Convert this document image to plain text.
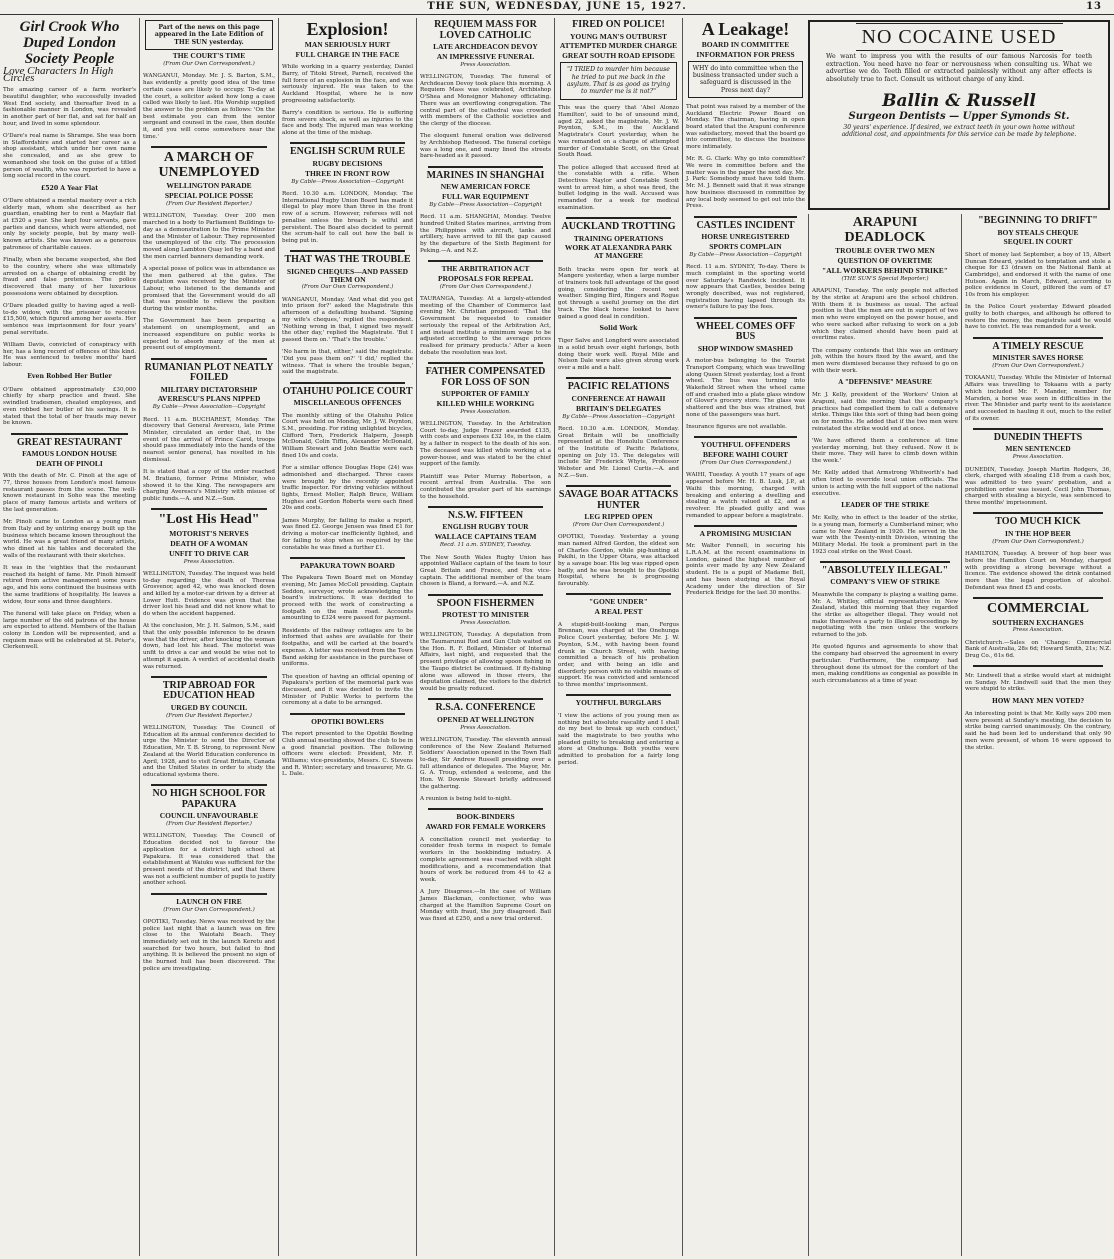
THE SUN, WEDNESDAY, JUNE 15, 1927.	13
Girl Crook Who Duped London Society People
Love Characters In High Circles

The amazing career of a farm worker's beautiful daughter, who successfully invaded West End society, and thereafter lived in a fashionable manner in London, was revealed in another part of her flat, and sat for half an hour, and lived in some splendour.

O'Dare's real name is Shrampe. She was born in Staffordshire and started her career as a shop assistant, which under her own name she concealed, and as she grew to womanhood she took on the guise of a titled person of wealth, who was reported to have a long social record in the court.

£520 A Year Flat

O'Dare obtained a mental mastery over a rich elderly man, whom she described as her guardian, enabling her to rent a Mayfair flat at £520 a year. She kept four servants, gave parties and dances, which were attended, not only by society people, but by many well-known artists. She was known as a generous patroness of charitable causes.

Finally, when she became suspected, she fled to the country, where she was ultimately arrested on a charge of obtaining credit by fraud and false pretences. The police discovered that many of her luxurious possessions were obtained by deception.

O'Dare pleaded guilty to having aged a well-to-do widow, with the prisoner to receive £15,500, which figured among her assets. Her sentence was imprisonment for four years' penal servitude.

William Davis, convicted of conspiracy with her, has a long record of offences of this kind. He was sentenced to twelve months' hard labour.

Even Robbed Her Butler

O'Dare obtained approximately £30,000 chiefly by sharp practice and fraud. She swindled tradesmen, cheated employees, and even robbed her butler of his savings. It is stated that the total of her frauds may never be known.

GREAT RESTAURANT
FAMOUS LONDON HOUSE
DEATH OF PINOLI

With the death of Mr. C. Pinoli at the age of 77, three houses from London's most famous restaurant passes from the scene. The well-known restaurant in Soho was the meeting place of many famous artists and writers of the last generation.

Mr. Pinoli came to London as a young man from Italy and by untiring energy built up the business which became known throughout the world. He was a great friend of many artists, who dined at his tables and decorated the walls of the restaurant with their sketches.

It was in the 'eighties that the restaurant reached its height of fame. Mr. Pinoli himself retired from active management some years ago, and his sons continued the business with the same traditions of hospitality. He leaves a widow, four sons and three daughters.

The funeral will take place on Friday, when a large number of the old patrons of the house are expected to attend. Members of the Italian colony in London will be represented, and a requiem mass will be celebrated at St. Peter's, Clerkenwell.

Part of the news on this page appeared in the Late Edition of THE SUN yesterday.
THE COURT'S TIME
(From Our Own Correspondent.)

WANGANUI, Monday. Mr. J. S. Barton, S.M., has evidently a pretty good idea of the time certain cases are likely to occupy. To-day at the court, a solicitor asked how long a case called was likely to last. His Worship supplied the answer to the problem as follows: 'On the best estimate you can from the senior sergeant and counsel in the case, then double it, and you will come somewhere near the time.'

A MARCH OF UNEMPLOYED
WELLINGTON PARADE
SPECIAL POLICE POSSE
(From Our Resident Reporter.)

WELLINGTON, Tuesday. Over 200 men marched in a body to Parliament Buildings to-day as a demonstration to the Prime Minister and the Minister of Labour. They represented the unemployed of the city. The procession moved along Lambton Quay led by a band and the men carried banners demanding work.

A special posse of police was in attendance as the men gathered at the gates. The deputation was received by the Minister of Labour, who listened to the demands and promised that the Government would do all that was possible to relieve the position during the winter months.

The Government has been preparing a statement on unemployment, and an increased expenditure on public works is expected to absorb many of the men at present out of employment.

RUMANIAN PLOT NEATLY FOILED
MILITARY DICTATORSHIP
AVERESCU'S PLANS NIPPED
By Cable—Press Association—Copyright

Recd. 11 a.m. BUCHAREST, Monday. The discovery that General Averescu, late Prime Minister, circulated an order that, in the event of the arrival of Prince Carol, troops should pass immediately into the hands of the nearest senior general, has resulted in his dismissal.

It is stated that a copy of the order reached M. Bratiano, former Prime Minister, who showed it to the King. The newspapers are charging Averescu's Ministry with misuse of public funds.—A. and N.Z.—Sun.

"Lost His Head"
MOTORIST'S NERVES
DEATH OF A WOMAN
UNFIT TO DRIVE CAR
Press Association.

WELLINGTON, Tuesday. The inquest was held to-day regarding the death of Theresa Grosvenor, aged 42, who was knocked down and killed by a motor-car driven by a driver at Lower Hutt. Evidence was given that the driver lost his head and did not know what to do when the accident happened.

At the conclusion, Mr. J. H. Salmon, S.M., said that the only possible inference to be drawn was that the driver, after knocking the woman down, had lost his head. The motorist was unfit to drive a car and would be wise not to attempt it again. A verdict of accidental death was returned.

TRIP ABROAD FOR EDUCATION HEAD
URGED BY COUNCIL
(From Our Resident Reporter.)

WELLINGTON, Tuesday. The Council of Education at its annual conference decided to urge the Minister to send the Director of Education, Mr. T. B. Strong, to represent New Zealand at the World Education conference in April, 1928, and to visit Great Britain, Canada and the United States in order to study the educational systems there.

NO HIGH SCHOOL FOR PAPAKURA
COUNCIL UNFAVOURABLE
(From Our Resident Reporter.)

WELLINGTON, Tuesday. The Council of Education decided not to favour the application for a district high school at Papakura. It was considered that the establishment at Waiuku was sufficient for the present needs of the district, and that there was not a sufficient number of pupils to justify another school.

LAUNCH ON FIRE
(From Our Own Correspondent.)

OPOTIKI, Tuesday. News was received by the police last night that a launch was on fire close to the Waiotahi Beach. They immediately set out in the launch Keretu and searched for two hours, but failed to find anything. It is believed the present no sign of the burned hull has been discovered. The police are investigating.

Explosion!
MAN SERIOUSLY HURT
FULL CHARGE IN THE FACE

While working in a quarry yesterday, Daniel Barry, of Titoki Street, Parnell, received the full force of an explosion in the face, and was seriously injured. He was taken to the Auckland Hospital, where he is now progressing satisfactorily.

Barry's condition is serious. He is suffering from severe shock, as well as injuries to the face and body. The injured man was working alone at the time of the mishap.

ENGLISH SCRUM RULE
RUGBY DECISIONS
THREE IN FRONT ROW
By Cable—Press Association—Copyright

Recd. 10.30 a.m. LONDON, Monday. The International Rugby Union Board has made it illegal to play more than three in the front row of a scrum. However, referees will not penalise unless the breach is wilful and persistent. The Board also decided to permit the scrum-half to call out how the ball is being put in.

THAT WAS THE TROUBLE
SIGNED CHEQUES—AND PASSED THEM ON
(From Our Own Correspondent.)

WANGANUI, Monday. 'And what did you get into prison for?' asked the Magistrate this afternoon of a defaulting husband. 'Signing my wife's cheques,' replied the respondent. 'Nothing wrong in that, I signed two myself the other day,' replied the Magistrate. 'But I passed them on.' 'That's the trouble.'

'No harm in that, either,' said the magistrate. 'Did you pass them on?' 'I did,' replied the witness. 'That is where the trouble began,' said the magistrate.

OTAHUHU POLICE COURT
MISCELLANEOUS OFFENCES

The monthly sitting of the Otahuhu Police Court was held on Monday, Mr. J. W. Poynton, S.M., presiding. For riding unlighted bicycles, Clifford Torn, Frederick Halpern, Joseph McDonald, Colin Tiffin, Alexander McDonald, William Stewart and John Beattie were each fined 10s and costs.

For a similar offence Douglas Hope (24) was admonished and discharged. Three cases were brought by the recently appointed traffic inspector. For driving vehicles without lights, Ernest Moller, Ralph Bruce, William Hughes and Gordon Roberts were each fined 20s and costs.

James Murphy, for failing to make a report, was fined £2. George Jensen was fined £1 for driving a motor-car inefficiently lighted, and for failing to stop when so required by the constable he was fined a further £1.

PAPAKURA TOWN BOARD

The Papakura Town Board met on Monday evening, Mr. James McColl presiding. Captain Seddon, surveyor, wrote acknowledging the board's instructions. It was decided to proceed with the work of constructing a footpath on the main road. Accounts amounting to £324 were passed for payment.

Residents of the railway cottages are to be informed that ashes are available for their footpaths, and will be carted at the board's expense. A letter was received from the Town Band asking for assistance in the purchase of uniforms.

The question of having an official opening of Papakura's portion of the memorial park was discussed, and it was decided to invite the Minister of Public Works to perform the ceremony at a date to be arranged.

OPOTIKI BOWLERS

The report presented to the Opotiki Bowling Club annual meeting showed the club to be in a good financial position. The following officers were elected: President, Mr. F. Williams; vice-presidents, Messrs. C. Stevens and R. Winter; secretary and treasurer, Mr. G. L. Dale.

REQUIEM MASS FOR LOVED CATHOLIC
LATE ARCHDEACON DEVOY
AN IMPRESSIVE FUNERAL
Press Association.

WELLINGTON, Tuesday. The funeral of Archdeacon Devoy took place this morning. A Requiem Mass was celebrated, Archbishop O'Shea and Monsignor Mahoney officiating. There was an overflowing congregation. The central part of the cathedral was crowded with members of the Catholic societies and the clergy of the diocese.

The eloquent funeral oration was delivered by Archbishop Redwood. The funeral cortège was a long one, and many lined the streets bare-headed as it passed.

MARINES IN SHANGHAI
NEW AMERICAN FORCE
FULL WAR EQUIPMENT
By Cable—Press Association—Copyright

Recd. 11 a.m. SHANGHAI, Monday. Twelve hundred United States marines, arriving from the Philippines with aircraft, tanks and artillery, have arrived to fill the gap caused by the departure of the Sixth Regiment for Peking.—A. and N.Z.

THE ARBITRATION ACT
PROPOSALS FOR REPEAL
(From Our Own Correspondent.)

TAURANGA, Tuesday. At a largely-attended meeting of the Chamber of Commerce last evening Mr. Christian proposed: 'That the Government be requested to consider seriously the repeal of the Arbitration Act, and instead institute a minimum wage to be adjusted according to the average prices realised for primary products.' After a keen debate the resolution was lost.

FATHER COMPENSATED FOR LOSS OF SON
SUPPORTER OF FAMILY
KILLED WHILE WORKING
Press Association.

WELLINGTON, Tuesday. In the Arbitration Court to-day, Judge Frazer awarded £135, with costs and expenses £32 16s, in the claim by a father in respect to the death of his son. The deceased was killed while working at a power-house, and was stated to be the chief support of the family.

Plaintiff was Peter Murray Robertson, a recent arrival from Australia. The son contributed the greater part of his earnings to the household.

N.S.W. FIFTEEN
ENGLISH RUGBY TOUR
WALLACE CAPTAINS TEAM
Recd. 11 a.m. SYDNEY, Tuesday.

The New South Wales Rugby Union has appointed Wallace captain of the team to tour Great Britain and France, and Fox vice-captain. The additional member of the team chosen is Bland, a forward.—A. and N.Z.

SPOON FISHERMEN
PROTEST TO MINISTER
Press Association.

WELLINGTON, Tuesday. A deputation from the Taumarunui Rod and Gun Club waited on the Hon. R. F. Bollard, Minister of Internal Affairs, last night, and requested that the present privilege of allowing spoon fishing in the Taupo district be continued. If fly-fishing alone was allowed in those rivers, the deputation claimed, the visitors to the district would be greatly reduced.

R.S.A. CONFERENCE
OPENED AT WELLINGTON
Press Association.

WELLINGTON, Tuesday. The eleventh annual conference of the New Zealand Returned Soldiers' Association opened in the Town Hall to-day, Sir Andrew Russell presiding over a full attendance of delegates. The Mayor, Mr. G. A. Troup, extended a welcome, and the Hon. W. Downie Stewart briefly addressed the gathering.

A reunion is being held to-night.

BOOK-BINDERS
AWARD FOR FEMALE WORKERS

A conciliation council met yesterday to consider fresh terms in respect to female workers in the bookbinding industry. A complete agreement was reached with slight modifications, and a recommendation that hours of work be reduced from 44 to 42 a week.

A Jury Disagrees.—In the case of William James Blackman, confectioner, who was charged at the Hamilton Supreme Court on Monday with fraud, the jury disagreed. Bail was fixed at £250, and a new trial ordered.

FIRED ON POLICE!
YOUNG MAN'S OUTBURST
ATTEMPTED MURDER CHARGE
GREAT SOUTH ROAD EPISODE
"I TRIED to murder him because he tried to put me back in the asylum. That is as good as trying to murder me is it not?"

This was the query that 'Abel Alonzo Hamilton', said to be of unsound mind, aged 22, asked the magistrate, Mr. J. W. Poynton, S.M., in the Auckland Magistrate's Court yesterday, when he was remanded on a charge of attempted murder of Constable Scott, on the Great South Road.

The police alleged that accused fired at the constable with a rifle. When Detectives Naylor and Constable Scott went to arrest him, a shot was fired, the bullet lodging in the wall. Accused was remanded for a week for medical examination.

AUCKLAND TROTTING
TRAINING OPERATIONS
WORK AT ALEXANDRA PARK
AT MANGERE

Both tracks were open for work at Mangere yesterday, when a large number of trainers took full advantage of the good going, considering the recent wet weather. Singing Bird, Ringers and Rogue got through a useful journey on the dirt track. The black horse looked to have gained a good deal in condition.

Solid Work

Tiger Salve and Longford were associated in a solid brush over eight furlongs, both doing their work well. Royal Mile and Nelson Dale were also given strong work over a mile and a half.

PACIFIC RELATIONS
CONFERENCE AT HAWAII
BRITAIN'S DELEGATES
By Cable—Press Association—Copyright

Recd. 10.30 a.m. LONDON, Monday. Great Britain will be unofficially represented at the Honolulu Conference of the Institute of Pacific Relations, opening on July 15. The delegates will include Sir Frederick Whyte, Professor Webster and Mr. Lionel Curtis.—A. and N.Z.—Sun.

SAVAGE BOAR ATTACKS HUNTER
LEG RIPPED OPEN
(From Our Own Correspondent.)

OPOTIKI, Tuesday. Yesterday a young man named Alfred Gordon, the eldest son of Charles Gordon, while pig-hunting at Pakihi, in the Upper Otara, was attacked by a savage boar. His leg was ripped open badly, and he was brought to the Opotiki Hospital, where he is progressing favourably.

"GONE UNDER"
A REAL PEST

A stupid-built-looking man, Fergus Brennan, was charged at the Onehunga Police Court yesterday, before Mr. J. W. Poynton, S.M., with having been found drunk in Church Street, with having committed a breach of his probation order, and with being an idle and disorderly person with no visible means of support. He was convicted and sentenced to three months' imprisonment.

YOUTHFUL BURGLARS

'I view the actions of you young men as nothing but absolute rascality and I shall do my best to break up such conduct,' said the magistrate to two youths who pleaded guilty to breaking and entering a store at Onehunga. Both youths were admitted to probation for a fairly long period.

A Leakage!
BOARD IN COMMITTEE
INFORMATION FOR PRESS
WHY do into committee when the business transacted under such a safeguard is discussed in the Press next day?

That point was raised by a member of the Auckland Electric Power Board on Monday. The chairman, having in open board stated that the Arapuni conference was satisfactory, moved that the board go into committee, to discuss the business more intimately.

Mr. R. G. Clark: Why go into committee? We were in committee before and the matter was in the paper the next day. Mr. J. Park: Somebody must have told them. Mr. M. J. Bennett said that it was strange how business discussed in committee by any local body seemed to get out into the Press.

CASTLES INCIDENT
HORSE UNREGISTERED
SPORTS COMPLAIN
By Cable—Press Association—Copyright

Recd. 11 a.m. SYDNEY, To-day. There is much complaint in the sporting world over Saturday's Randwick incident. It now appears that Castles, besides being wrongly described, was not registered, registration having lapsed through its owner's failure to pay the fees.

WHEEL COMES OFF BUS
SHOP WINDOW SMASHED

A motor-bus belonging to the Tourist Transport Company, which was travelling along Queen Street yesterday, lost a front wheel. The bus was turning into Wakefield Street when the wheel came off and crashed into a plate glass window of Glover's grocery store. The glass was shattered and the bus was strained, but none of the passengers was hurt.

Insurance figures are not available.

YOUTHFUL OFFENDERS
BEFORE WAIHI COURT
(From Our Own Correspondent.)

WAIHI, Tuesday. A youth 17 years of age appeared before Mr. H. B. Lusk, J.P., at Waihi this morning, charged with breaking and entering a dwelling and stealing a watch valued at £2, and a revolver. He pleaded guilty and was remanded to appear before a magistrate.

A PROMISING MUSICIAN

Mr. Walter Fennell, in securing his L.R.A.M. at the recent examinations in London, gained the highest number of points ever made by any New Zealand student. He is a pupil of Madame Bell, and has been studying at the Royal Academy under the direction of Sir Frederick Bridge for the last 30 months.

ARAPUNI DEADLOCK
TROUBLE OVER TWO MEN
QUESTION OF OVERTIME
"ALL WORKERS BEHIND STRIKE"
(THE SUN'S Special Reporter.)

ARAPUNI, Tuesday. The only people not affected by the strike at Arapuni are the school children. With them it is business as usual. The actual position is that the men are out in support of two men who were employed on the power house, and who were sacked after refusing to work on a job which they claimed should have been paid at overtime rates.

The company contends that this was an ordinary job, within the hours fixed by the award, and the men were dismissed because they refused to go on with their work.

A "DEFENSIVE" MEASURE

Mr. J. Kelly, president of the Workers' Union at Arapuni, said this morning that the company's practices had compelled them to call a defensive strike. Things like this sort of thing had been going on for months. He added that if the two men were reinstated the strike would end at once.

'We have offered them a conference at time yesterday morning, but they refused. Now it is their move. They will have to climb down within the week.'

Mr. Kelly added that Armstrong Whitworth's had often tried to override local union officials. The union is acting with the full support of the national executive.

LEADER OF THE STRIKE

Mr. Kelly, who in effect is the leader of the strike, is a young man, formerly a Cumberland miner, who came to New Zealand in 1920. He served in the war with the Twenty-ninth Division, winning the Military Medal. He took a prominent part in the 1923 coal strike on the West Coast.

"ABSOLUTELY ILLEGAL"
COMPANY'S VIEW OF STRIKE

Meanwhile the company is playing a waiting game. Mr. A. Whitley, official representative in New Zealand, stated this morning that they regarded the strike as altogether illegal. They would not make themselves a party to illegal proceedings by negotiating with the men unless the workers returned to the job.

He quoted figures and agreements to show that the company had observed the agreement in every particular. Furthermore, the company had throughout done its utmost for the comfort of the men, making conditions as congenial as possible in such circumstances at a time of year.

"BEGINNING TO DRIFT"
BOY STEALS CHEQUE
SEQUEL IN COURT

Short of money last September, a boy of 15, Albert Duncan Edward, yielded to temptation and stole a cheque for £3 (drawn on the National Bank at Cambridge), and endorsed it with the name of one Hutson. Again in March, Edward, according to police evidence in Court, pilfered the sum of £7 10s from his employer.

In the Police Court yesterday Edward pleaded guilty to both charges, and although he offered to restore the money, the magistrate said he would have to convict. He was remanded for a week.

A TIMELY RESCUE
MINISTER SAVES HORSE
(From Our Own Correspondent.)

TOKAANU, Tuesday. While the Minister of Internal Affairs was travelling to Tokaanu with a party which included Mr. F. Mander, member for Marsden, a horse was seen in difficulties in the river. The Minister and party went to its assistance and succeeded in hauling it out, much to the relief of its owner.

DUNEDIN THEFTS
MEN SENTENCED
Press Association.

DUNEDIN, Tuesday. Joseph Martin Rodgers, 36, clerk, charged with stealing £18 from a cash box, was admitted to two years' probation, and a prohibition order was issued. Cecil John Thomas, charged with stealing a bicycle, was sentenced to three months' imprisonment.

TOO MUCH KICK
IN THE HOP BEER
(From Our Own Correspondent.)

HAMILTON, Tuesday. A brewer of hop beer was before the Hamilton Court on Monday, charged with providing a strong beverage without a licence. The evidence showed the drink contained more than the legal proportion of alcohol. Defendant was fined £5 and costs.

COMMERCIAL
SOUTHERN EXCHANGES
Press Association.

Christchurch.—Sales on 'Change: Commercial Bank of Australia, 28s 6d; Howard Smith, 21s; N.Z. Drug Co., 61s 6d.

Mr. Lindwell that a strike would start at midnight on Sunday. Mr. Lindwell said that the men they were stupid to strike.

HOW MANY MEN VOTED?

An interesting point is that Mr. Kelly says 200 men were present at Sunday's meeting, the decision to strike being carried unanimously. On the contrary, said he had been led to understand that only 90 men were present, of whom 16 were opposed to the strike.

NO COCAINE USED
We want to impress you with the results of our famous Narcosis for teeth extraction. You need have no fear or nervousness when consulting us. What we advertise we do. Teeth filled or extracted painlessly without any after effects is absolutely true to fact. Consult us without charge of any kind.
Ballin & Russell
Surgeon Dentists — Upper Symonds St.
30 years' experience. If desired, we extract teeth in your own home without additional cost, and appointments for this service can be made by telephone.
